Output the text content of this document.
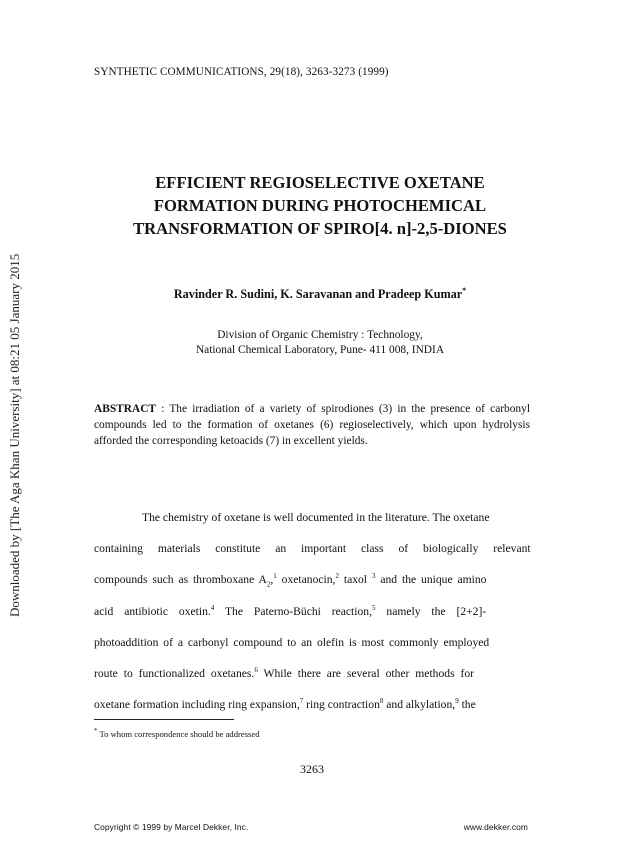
Downloaded by [The Aga Khan University] at 08:21 05 January 2015
SYNTHETIC COMMUNICATIONS, 29(18), 3263-3273 (1999)
EFFICIENT REGIOSELECTIVE OXETANE
FORMATION DURING PHOTOCHEMICAL
TRANSFORMATION OF SPIRO[4. n]-2,5-DIONES
Ravinder R. Sudini, K. Saravanan and Pradeep Kumar*
Division of Organic Chemistry : Technology,
National Chemical Laboratory, Pune- 411 008, INDIA
ABSTRACT : The irradiation of a variety of spirodiones (3) in the presence of carbonyl compounds led to the formation of oxetanes (6) regioselectively, which upon hydrolysis afforded the corresponding ketoacids (7) in excellent yields.
The chemistry of oxetane is well documented in the literature. The oxetane
containing materials constitute an important class of biologically relevant
compounds such as thromboxane $A_2,^1$ oxetanocin,$^2$ taxol $^3$ and the unique amino
acid antibiotic oxetin.$^4$ The Paterno-Büchi reaction,$^5$ namely the [2+2]-
photoaddition of a carbonyl compound to an olefin is most commonly employed
route to functionalized oxetanes.$^6$ While there are several other methods for
oxetane formation including ring expansion,$^7$ ring contraction$^8$ and alkylation,$^9$ the
* To whom correspondence should be addressed
3263
Copyright © 1999 by Marcel Dekker, Inc.	www.dekker.com
